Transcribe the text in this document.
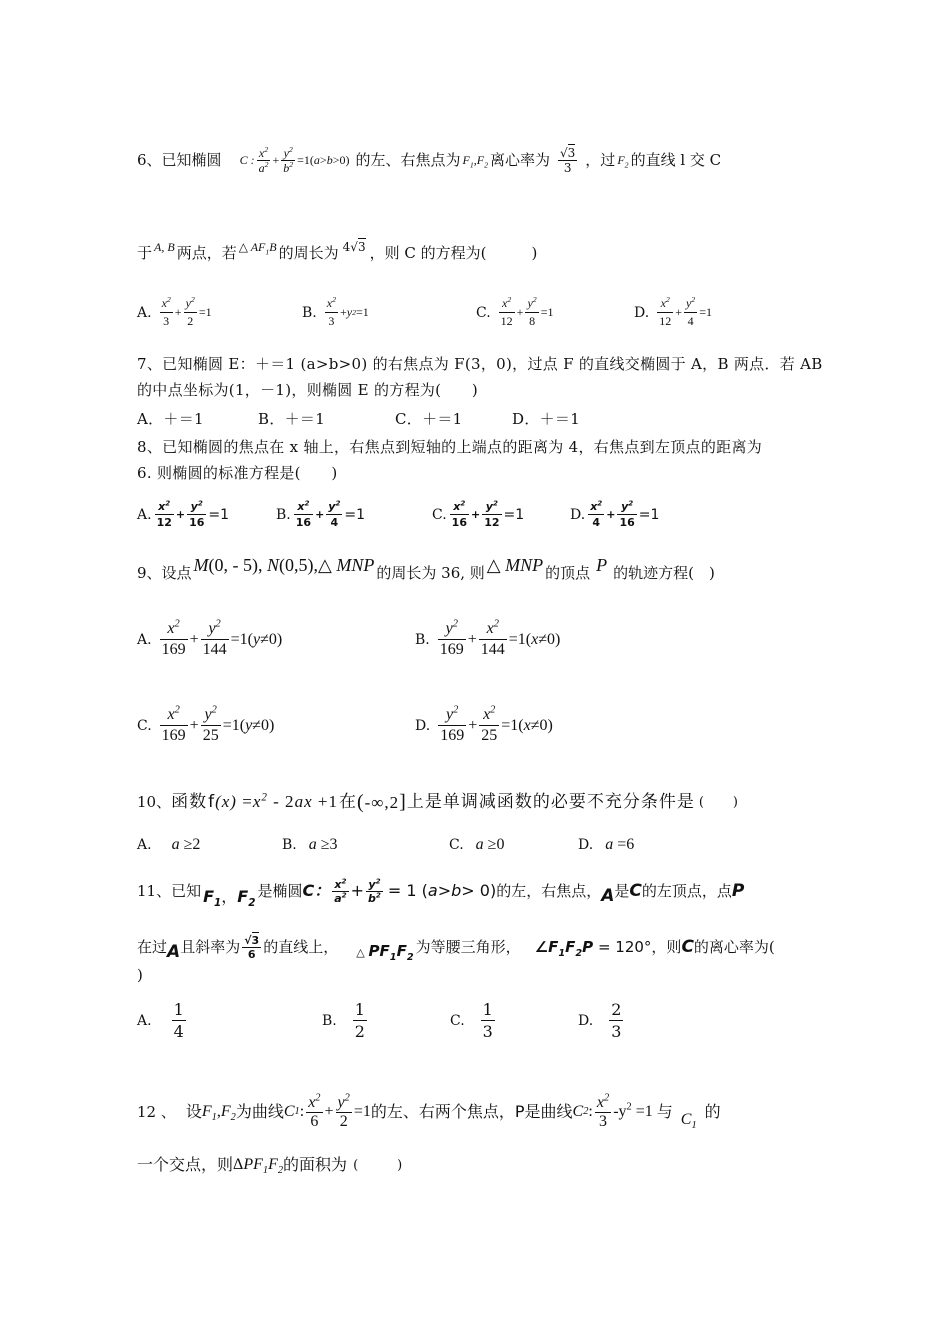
6、 已知椭圆 C : $\frac{x^2}{a^2} + \frac{y^2}{b^2} =1$( a > b >0) 的左、右焦点为 $F_1,F_2$ 离心率为 $\frac{√3}{3}$ ，过 $F_2$ 的直线 l 交 C
于 A, B 两点，若 △ $AF_1B$ 的周长为 4√3 ，则 C 的方程为(　　　)
A. $\frac{x^2}{3} + \frac{y^2}{2} =1$	B. $\frac{x^2}{3} + y$ 2 =1	C. $\frac{x^2}{12} + \frac{y^2}{8} =1$	D. $\frac{x^2}{12} + \frac{y^2}{4} =1$
7、已知椭圆 E：＋＝1 (a>b>0) 的右焦点为 F(3，0)，过点 F 的直线交椭圆于 A，B 两点．若 AB
的中点坐标为(1，－1)，则椭圆 E 的方程为(　　)
A．＋＝1	B．＋＝1	C．＋＝1	D．＋＝1
8、已知椭圆的焦点在 x 轴上，右焦点到短轴的上端点的距离为 4，右焦点到左顶点的距离为
6. 则椭圆的标准方程是(　　)
A. $\frac{x^2}{12} + \frac{y^2}{16} =1$	B. $\frac{x^2}{16} + \frac{y^2}{4} =1$	C. $\frac{x^2}{16} + \frac{y^2}{12} =1$	D. $\frac{x^2}{4} + \frac{y^2}{16} =1$
9、设点 M(0, - 5), N(0,5),△ MNP 的周长为 36, 则 △ MNP 的顶点 P 的轨迹方程(　)
A. $\frac{x^2}{169} + \frac{y^2}{144} =1$( y ≠0)	B. $\frac{y^2}{169} + \frac{x^2}{144} =1$( x ≠0)
C. $\frac{x^2}{169} + \frac{y^2}{25} =1$( y ≠0)	D. $\frac{y^2}{169} + \frac{x^2}{25} =1$( x ≠0)
10、 函数 $f(x) =x^2 - 2ax +1$ 在 (-∞,2] 上是单调减函数的必要不充分条件是 (　　)
A. a ≥2	B. a ≥3	C. a ≥0	D. a =6
11、 已知 $F_1$，$F_2$
是椭圆 C： $\frac{x^2}{a^2} + \frac{y^2}{b^2} = 1$ ( a > b > 0) 的左，右焦点， A 是 C 的左顶点，点 P
在过 A 且斜率为 $\frac{√3}{6}$ 的直线上， △ $PF_1F_2$
为等腰三角形， $\angle F_1F_2P = 120^\circ$ ，则 C 的离心率为(
)
A. $\frac{1}{4}$	B. $\frac{1}{2}$	C. $\frac{1}{3}$	D. $\frac{2}{3}$
12 、 设 $F_1,F_2$ 为曲线 C 1 : $\frac{x^2}{6} + \frac{y^2}{2} =1$ 的左、右两个焦点， P是曲线 C 2 : $\frac{x^2}{3} -y^2 =1$ 与 $C_1$
的
一个交点，则 $\Delta PF_1F_2$ 的面积为 (　　　)
